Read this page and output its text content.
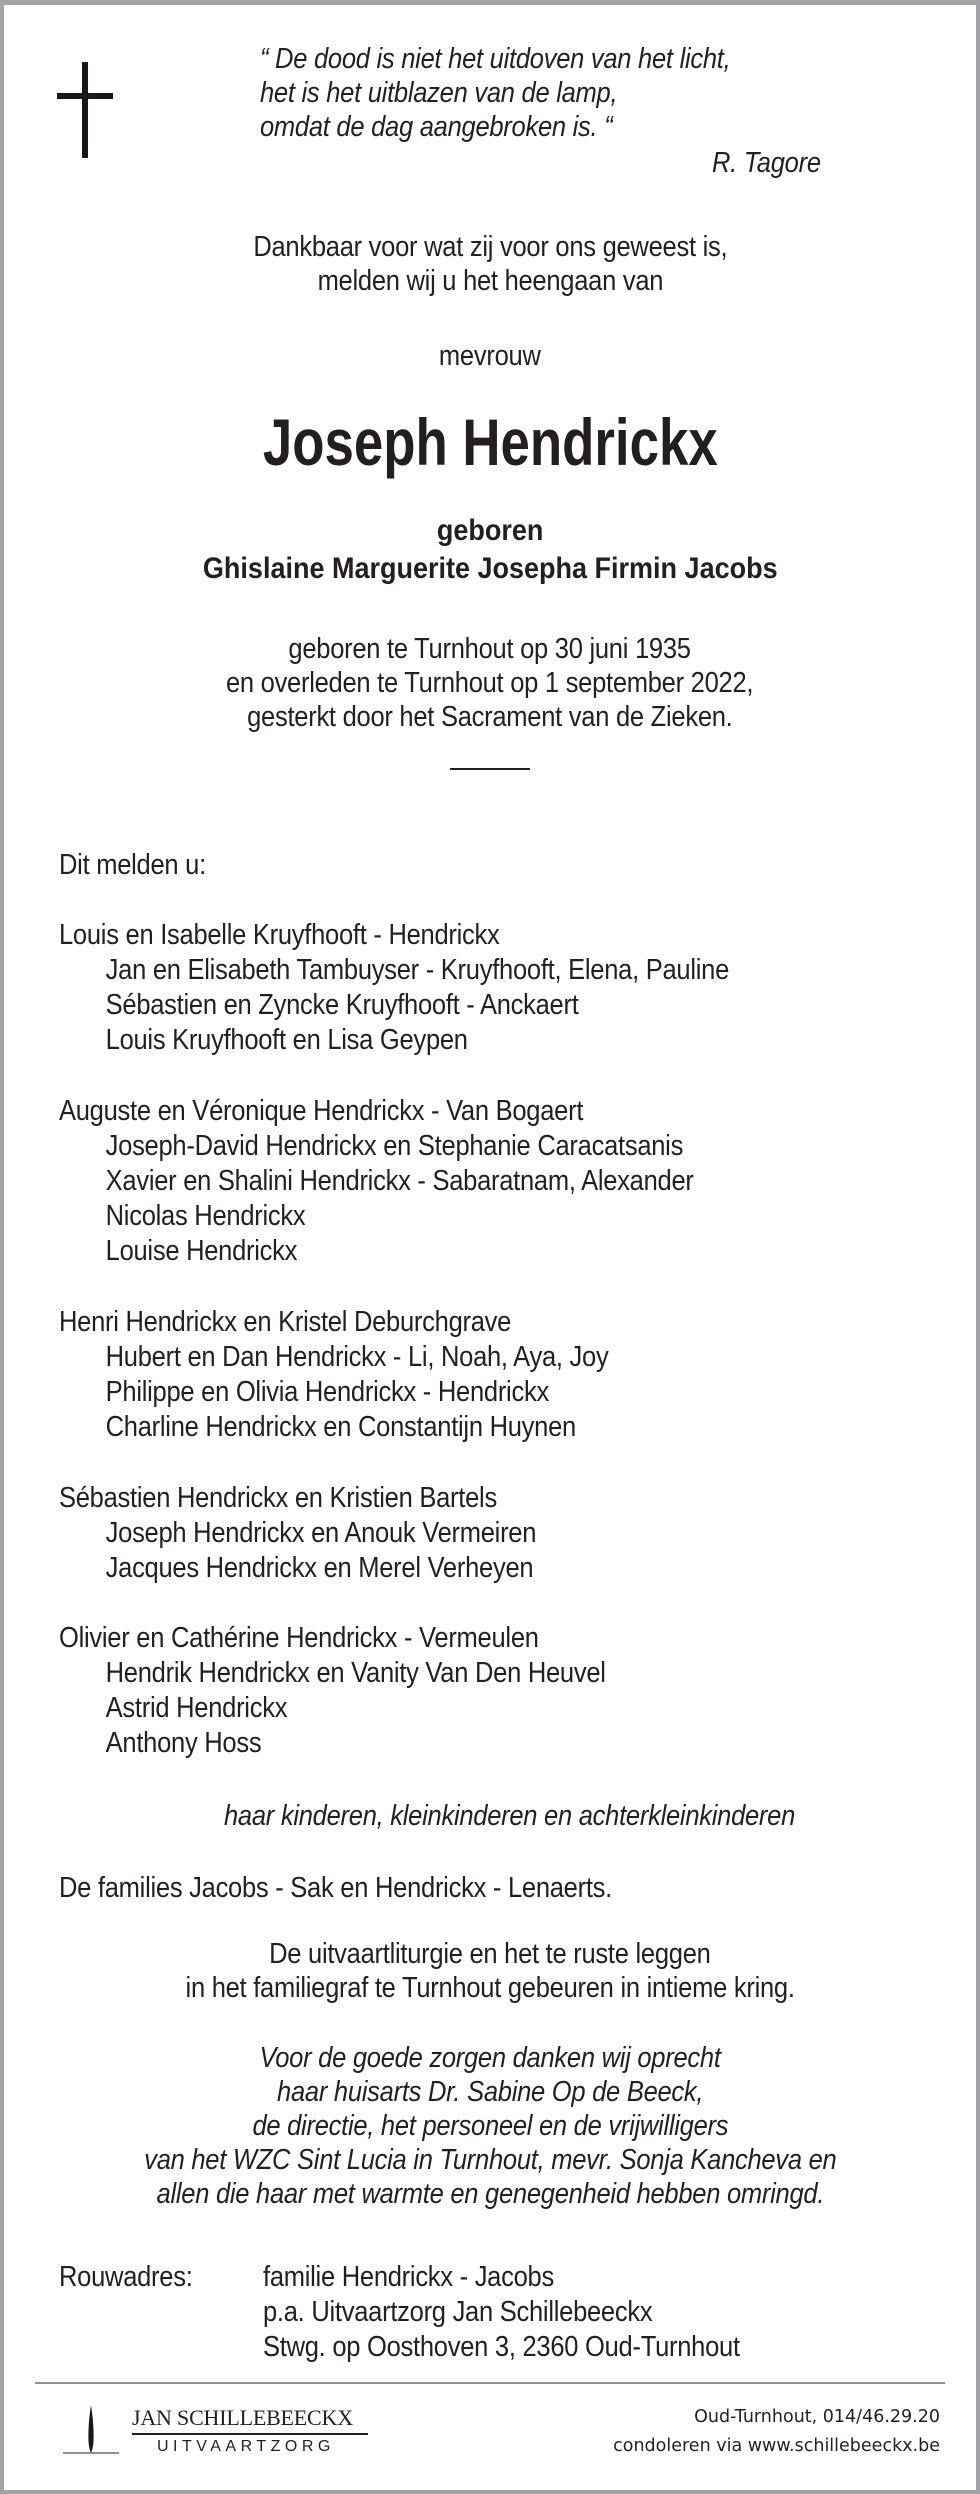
“ De dood is niet het uitdoven van het licht,
het is het uitblazen van de lamp,
omdat de dag aangebroken is. “
R. Tagore
Dankbaar voor wat zij voor ons geweest is,
melden wij u het heengaan van
mevrouw
Joseph Hendrickx
geboren
Ghislaine Marguerite Josepha Firmin Jacobs
geboren te Turnhout op 30 juni 1935
en overleden te Turnhout op 1 september 2022,
gesterkt door het Sacrament van de Zieken.
Dit melden u:
Louis en Isabelle Kruyfhooft - Hendrickx
Jan en Elisabeth Tambuyser - Kruyfhooft, Elena, Pauline
Sébastien en Zyncke Kruyfhooft - Anckaert
Louis Kruyfhooft en Lisa Geypen
Auguste en Véronique Hendrickx - Van Bogaert
Joseph-David Hendrickx en Stephanie Caracatsanis
Xavier en Shalini Hendrickx - Sabaratnam, Alexander
Nicolas Hendrickx
Louise Hendrickx
Henri Hendrickx en Kristel Deburchgrave
Hubert en Dan Hendrickx - Li, Noah, Aya, Joy
Philippe en Olivia Hendrickx - Hendrickx
Charline Hendrickx en Constantijn Huynen
Sébastien Hendrickx en Kristien Bartels
Joseph Hendrickx en Anouk Vermeiren
Jacques Hendrickx en Merel Verheyen
Olivier en Cathérine Hendrickx - Vermeulen
Hendrik Hendrickx en Vanity Van Den Heuvel
Astrid Hendrickx
Anthony Hoss
haar kinderen, kleinkinderen en achterkleinkinderen
De families Jacobs - Sak en Hendrickx - Lenaerts.
De uitvaartliturgie en het te ruste leggen
in het familiegraf te Turnhout gebeuren in intieme kring.
Voor de goede zorgen danken wij oprecht
haar huisarts Dr. Sabine Op de Beeck,
de directie, het personeel en de vrijwilligers
van het WZC Sint Lucia in Turnhout, mevr. Sonja Kancheva en
allen die haar met warmte en genegenheid hebben omringd.
Rouwadres: familie Hendrickx - Jacobs
p.a. Uitvaartzorg Jan Schillebeeckx
Stwg. op Oosthoven 3, 2360 Oud-Turnhout
JAN SCHILLEBEECKX
UITVAARTZORG
Oud-Turnhout, 014/46.29.20
condoleren via www.schillebeeckx.be
